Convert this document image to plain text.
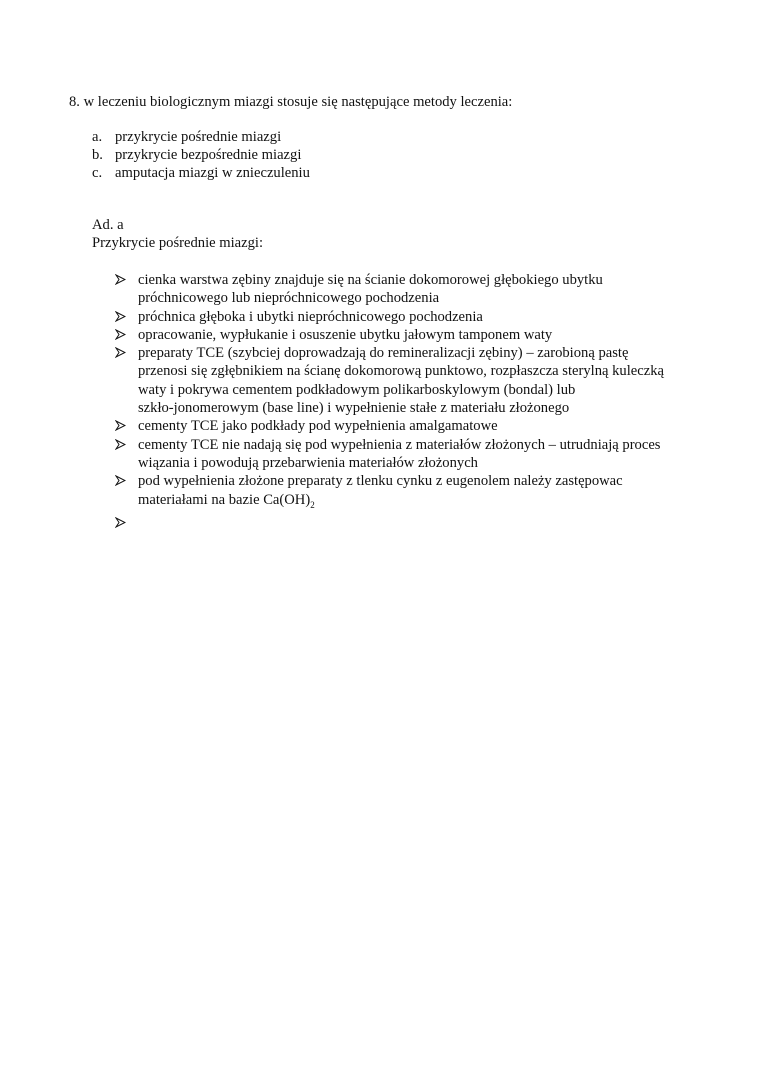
8. w leczeniu biologicznym miazgi stosuje się następujące metody leczenia:
a. przykrycie pośrednie miazgi
b. przykrycie bezpośrednie miazgi
c. amputacja miazgi w znieczuleniu
Ad. a
Przykrycie pośrednie miazgi:
cienka warstwa zębiny znajduje się na ścianie dokomorowej głębokiego ubytku
próchnicowego lub niepróchnicowego pochodzenia
próchnica głęboka i ubytki niepróchnicowego pochodzenia
opracowanie, wypłukanie i osuszenie ubytku jałowym tamponem waty
preparaty TCE (szybciej doprowadzają do remineralizacji zębiny) – zarobioną pastę
przenosi się zgłębnikiem na ścianę dokomorową punktowo, rozpłaszcza sterylną kuleczką
waty i pokrywa cementem podkładowym polikarboskylowym (bondal) lub
szkło-jonomerowym (base line) i wypełnienie stałe z materiału złożonego
cementy TCE jako podkłady pod wypełnienia amalgamatowe
cementy TCE nie nadają się pod wypełnienia z materiałów złożonych – utrudniają proces
wiązania i powodują przebarwienia materiałów złożonych
pod wypełnienia złożone preparaty z tlenku cynku z eugenolem należy zastępowac
materiałami na bazie $Ca(OH)_2$
